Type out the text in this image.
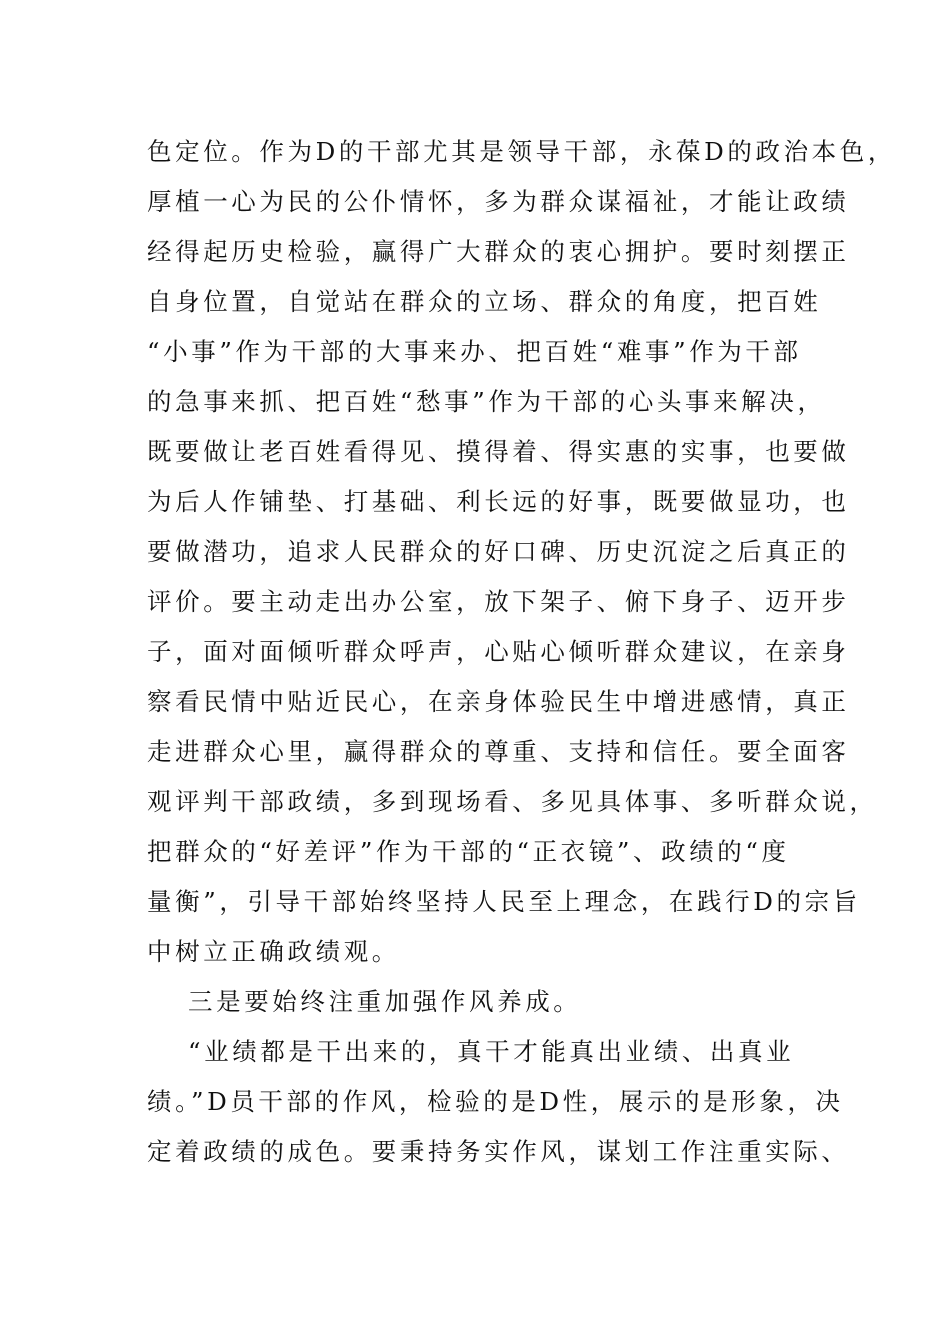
色定位。作为D的干部尤其是领导干部，永葆D的政治本色，
厚植一心为民的公仆情怀，多为群众谋福祉，才能让政绩
经得起历史检验，赢得广大群众的衷心拥护。要时刻摆正
自身位置，自觉站在群众的立场、群众的角度，把百姓
“小事”作为干部的大事来办、把百姓“难事”作为干部
的急事来抓、把百姓“愁事”作为干部的心头事来解决，
既要做让老百姓看得见、摸得着、得实惠的实事，也要做
为后人作铺垫、打基础、利长远的好事，既要做显功，也
要做潜功，追求人民群众的好口碑、历史沉淀之后真正的
评价。要主动走出办公室，放下架子、俯下身子、迈开步
子，面对面倾听群众呼声，心贴心倾听群众建议，在亲身
察看民情中贴近民心，在亲身体验民生中增进感情，真正
走进群众心里，赢得群众的尊重、支持和信任。要全面客
观评判干部政绩，多到现场看、多见具体事、多听群众说，
把群众的“好差评”作为干部的“正衣镜”、政绩的“度
量衡”，引导干部始终坚持人民至上理念，在践行D的宗旨
中树立正确政绩观。
三是要始终注重加强作风养成。
“业绩都是干出来的，真干才能真出业绩、出真业
绩。”D员干部的作风，检验的是D性，展示的是形象，决
定着政绩的成色。要秉持务实作风，谋划工作注重实际、
